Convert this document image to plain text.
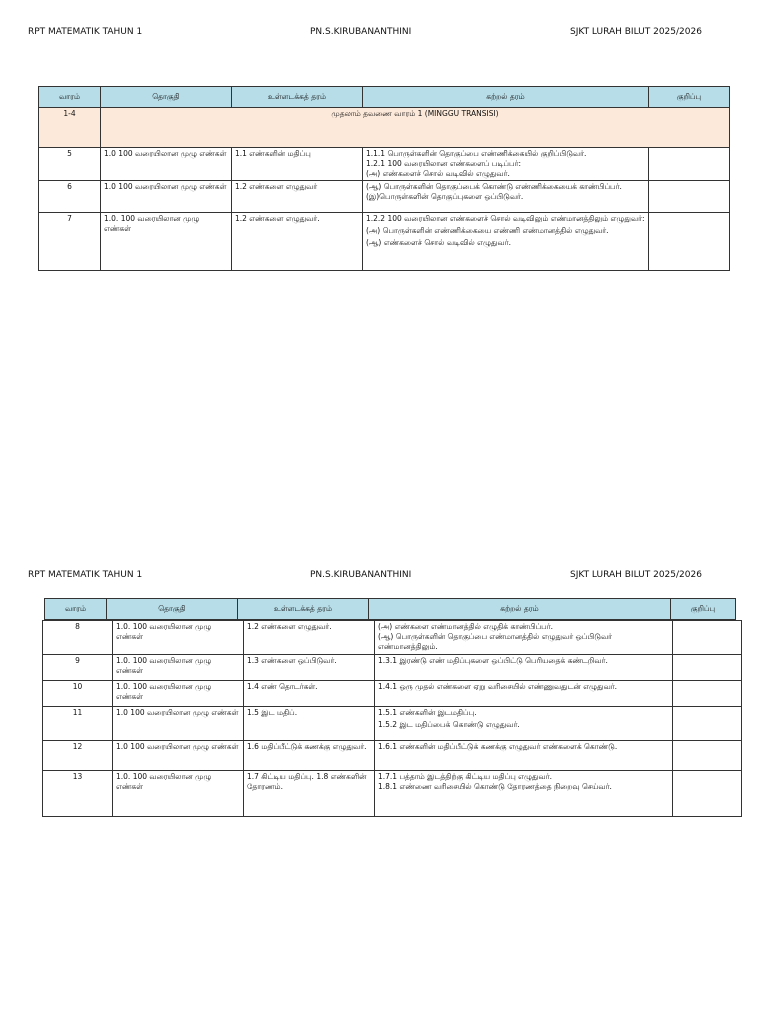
RPT MATEMATIK TAHUN 1	PN.S.KIRUBANANTHINI	SJKT LURAH BILUT 2025/2026
வாரம்	தொகுதி	உள்ளடக்கத் தரம்	கற்றல் தரம்	குறிப்பு
1-4	முதலாம் தவணை வாரம் 1 (MINGGU TRANSISI)			
5	1.0 100 வரையிலான முழு எண்கள்	1.1 எண்களின் மதிப்பு	1.1.1 பொருள்களின் தொகுப்பை எண்ணிக்கையில் குறிப்பிடுவர்.

1.2.1 100 வரையிலான எண்களைப் படிப்பர்:

(அ) எண்களைச் சொல் வடிவில் எழுதுவர்.	

6	1.0 100 வரையிலான முழு எண்கள்	1.2 எண்களை எழுதுவர்	(ஆ) பொருள்களின் தொகுப்பைக் கொண்டு எண்ணிக்கையைக் காண்பிப்பர்.

(இ)பொருள்களின் தொகுப்புகளை ஒப்பிடுவர்.	

7	1.0. 100 வரையிலான முழு எண்கள்	1.2 எண்களை எழுதுவர்.	1.2.2 100 வரையிலான எண்களைச் சொல் வடிவிலும் எண்மானத்திலும் எழுதுவர்:

(அ) பொருள்களின் எண்ணிக்கையை எண்ணி எண்மானத்தில் எழுதுவர்.

(ஆ) எண்களைச் சொல் வடிவில் எழுதுவர்.	

RPT MATEMATIK TAHUN 1	PN.S.KIRUBANANTHINI	SJKT LURAH BILUT 2025/2026
வாரம்	தொகுதி	உள்ளடக்கத் தரம்	கற்றல் தரம்	குறிப்பு
8	1.0. 100 வரையிலான முழு எண்கள்	1.2 எண்களை எழுதுவர்.	(அ) எண்களை எண்மானத்தில் எழுதிக் காண்பிப்பர்.

(ஆ) பொருள்களின் தொகுப்பை எண்மானத்தில் எழுதுவர் ஒப்பிடுவர் எண்மானத்திலும்.	

9	1.0. 100 வரையிலான முழு எண்கள்	1.3 எண்களை ஒப்பிடுவர்.	1.3.1 இரண்டு எண் மதிப்புகளை ஒப்பிட்டு பெரியதைக் கண்டறிவர்.	

10	1.0. 100 வரையிலான முழு எண்கள்	1.4 எண் தொடர்கள்.	1.4.1 ஒரு முதல் எண்களை ஏறு வரிசையில் எண்ணுவதுடன் எழுதுவர்.	

11	1.0 100 வரையிலான முழு எண்கள்	1.5 இட மதிப்.	1.5.1 எண்களின் இடமதிப்பு.

1.5.2 இட மதிப்பைக் கொண்டு எழுதுவர்.	

12	1.0 100 வரையிலான முழு எண்கள்	1.6 மதிப்பீட்டுக் கணக்கு எழுதுவர்.	1.6.1 எண்களின் மதிப்பீட்டுக் கணக்கு எழுதுவர் எண்களைக் கொண்டு.	

13	1.0. 100 வரையிலான முழு எண்கள்	1.7 கிட்டிய மதிப்பு. 1.8 எண்களின் தோரணம்.	1.7.1 பத்தாம் இடத்திற்கு கிட்டிய மதிப்பு எழுதுவர்.

1.8.1 எண்ணை வரிசையில் கொண்டு தோரணத்தை நிறைவு செய்வர்.	
